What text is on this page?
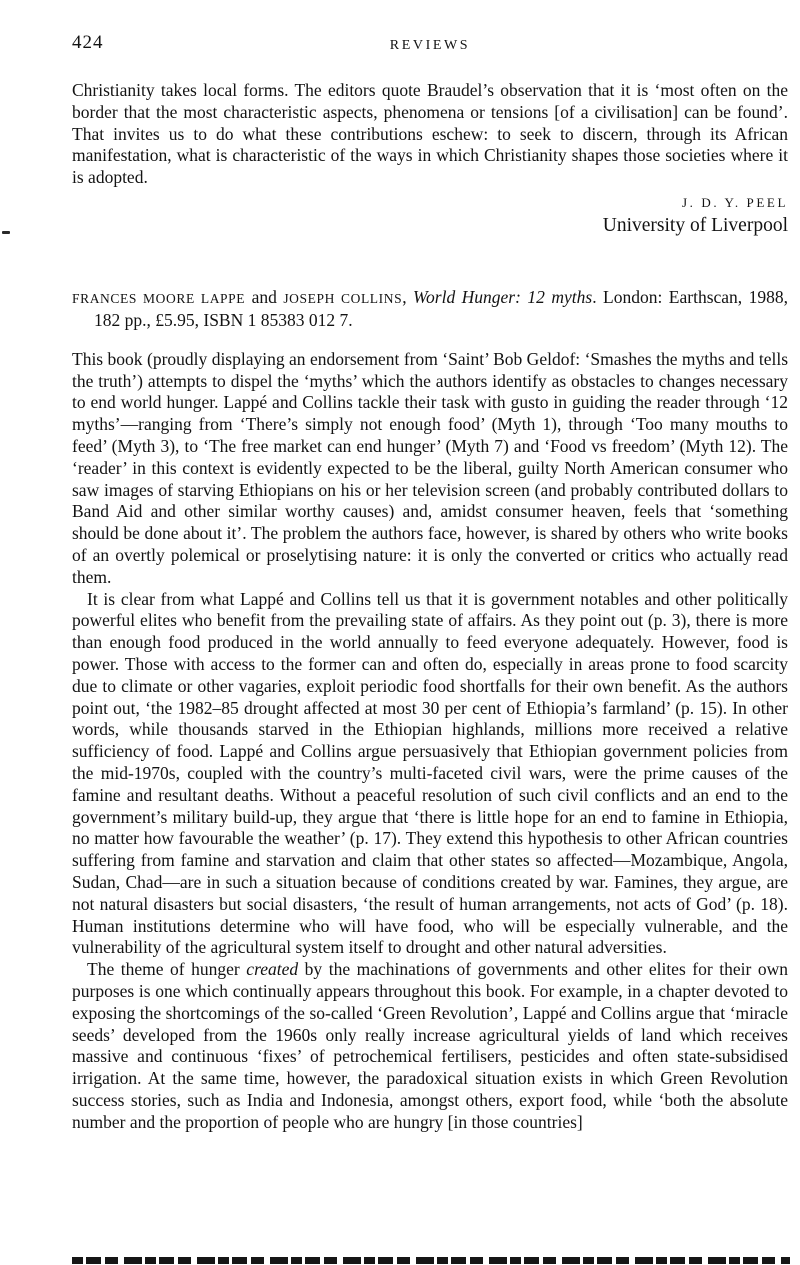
424	REVIEWS

Christianity takes local forms. The editors quote Braudel’s observation that it is ‘most often on the border that the most characteristic aspects, phenomena or tensions [of a civilisation] can be found’. That invites us to do what these contributions eschew: to seek to discern, through its African manifestation, what is characteristic of the ways in which Christianity shapes those societies where it is adopted.

J. D. Y. PEEL
University of Liverpool

FRANCES MOORE LAPPE and JOSEPH COLLINS, World Hunger: 12 myths. London: Earthscan, 1988, 182 pp., £5.95, ISBN 1 85383 012 7.

This book (proudly displaying an endorsement from ‘Saint’ Bob Geldof: ‘Smashes the myths and tells the truth’) attempts to dispel the ‘myths’ which the authors identify as obstacles to changes necessary to end world hunger. Lappé and Collins tackle their task with gusto in guiding the reader through ‘12 myths’—ranging from ‘There’s simply not enough food’ (Myth 1), through ‘Too many mouths to feed’ (Myth 3), to ‘The free market can end hunger’ (Myth 7) and ‘Food vs freedom’ (Myth 12). The ‘reader’ in this context is evidently expected to be the liberal, guilty North American consumer who saw images of starving Ethiopians on his or her television screen (and probably contributed dollars to Band Aid and other similar worthy causes) and, amidst consumer heaven, feels that ‘something should be done about it’. The problem the authors face, however, is shared by others who write books of an overtly polemical or proselytising nature: it is only the converted or critics who actually read them.

It is clear from what Lappé and Collins tell us that it is government notables and other politically powerful elites who benefit from the prevailing state of affairs. As they point out (p. 3), there is more than enough food produced in the world annually to feed everyone adequately. However, food is power. Those with access to the former can and often do, especially in areas prone to food scarcity due to climate or other vagaries, exploit periodic food shortfalls for their own benefit. As the authors point out, ‘the 1982–85 drought affected at most 30 per cent of Ethiopia’s farmland’ (p. 15). In other words, while thousands starved in the Ethiopian highlands, millions more received a relative sufficiency of food. Lappé and Collins argue persuasively that Ethiopian government policies from the mid-1970s, coupled with the country’s multi-faceted civil wars, were the prime causes of the famine and resultant deaths. Without a peaceful resolution of such civil conflicts and an end to the government’s military build-up, they argue that ‘there is little hope for an end to famine in Ethiopia, no matter how favourable the weather’ (p. 17). They extend this hypothesis to other African countries suffering from famine and starvation and claim that other states so affected—Mozambique, Angola, Sudan, Chad—are in such a situation because of conditions created by war. Famines, they argue, are not natural disasters but social disasters, ‘the result of human arrangements, not acts of God’ (p. 18). Human institutions determine who will have food, who will be especially vulnerable, and the vulnerability of the agricultural system itself to drought and other natural adversities.

The theme of hunger created by the machinations of governments and other elites for their own purposes is one which continually appears throughout this book. For example, in a chapter devoted to exposing the shortcomings of the so-called ‘Green Revolution’, Lappé and Collins argue that ‘miracle seeds’ developed from the 1960s only really increase agricultural yields of land which receives massive and continuous ‘fixes’ of petrochemical fertilisers, pesticides and often state-subsidised irrigation. At the same time, however, the paradoxical situation exists in which Green Revolution success stories, such as India and Indonesia, amongst others, export food, while ‘both the absolute number and the proportion of people who are hungry [in those countries]
